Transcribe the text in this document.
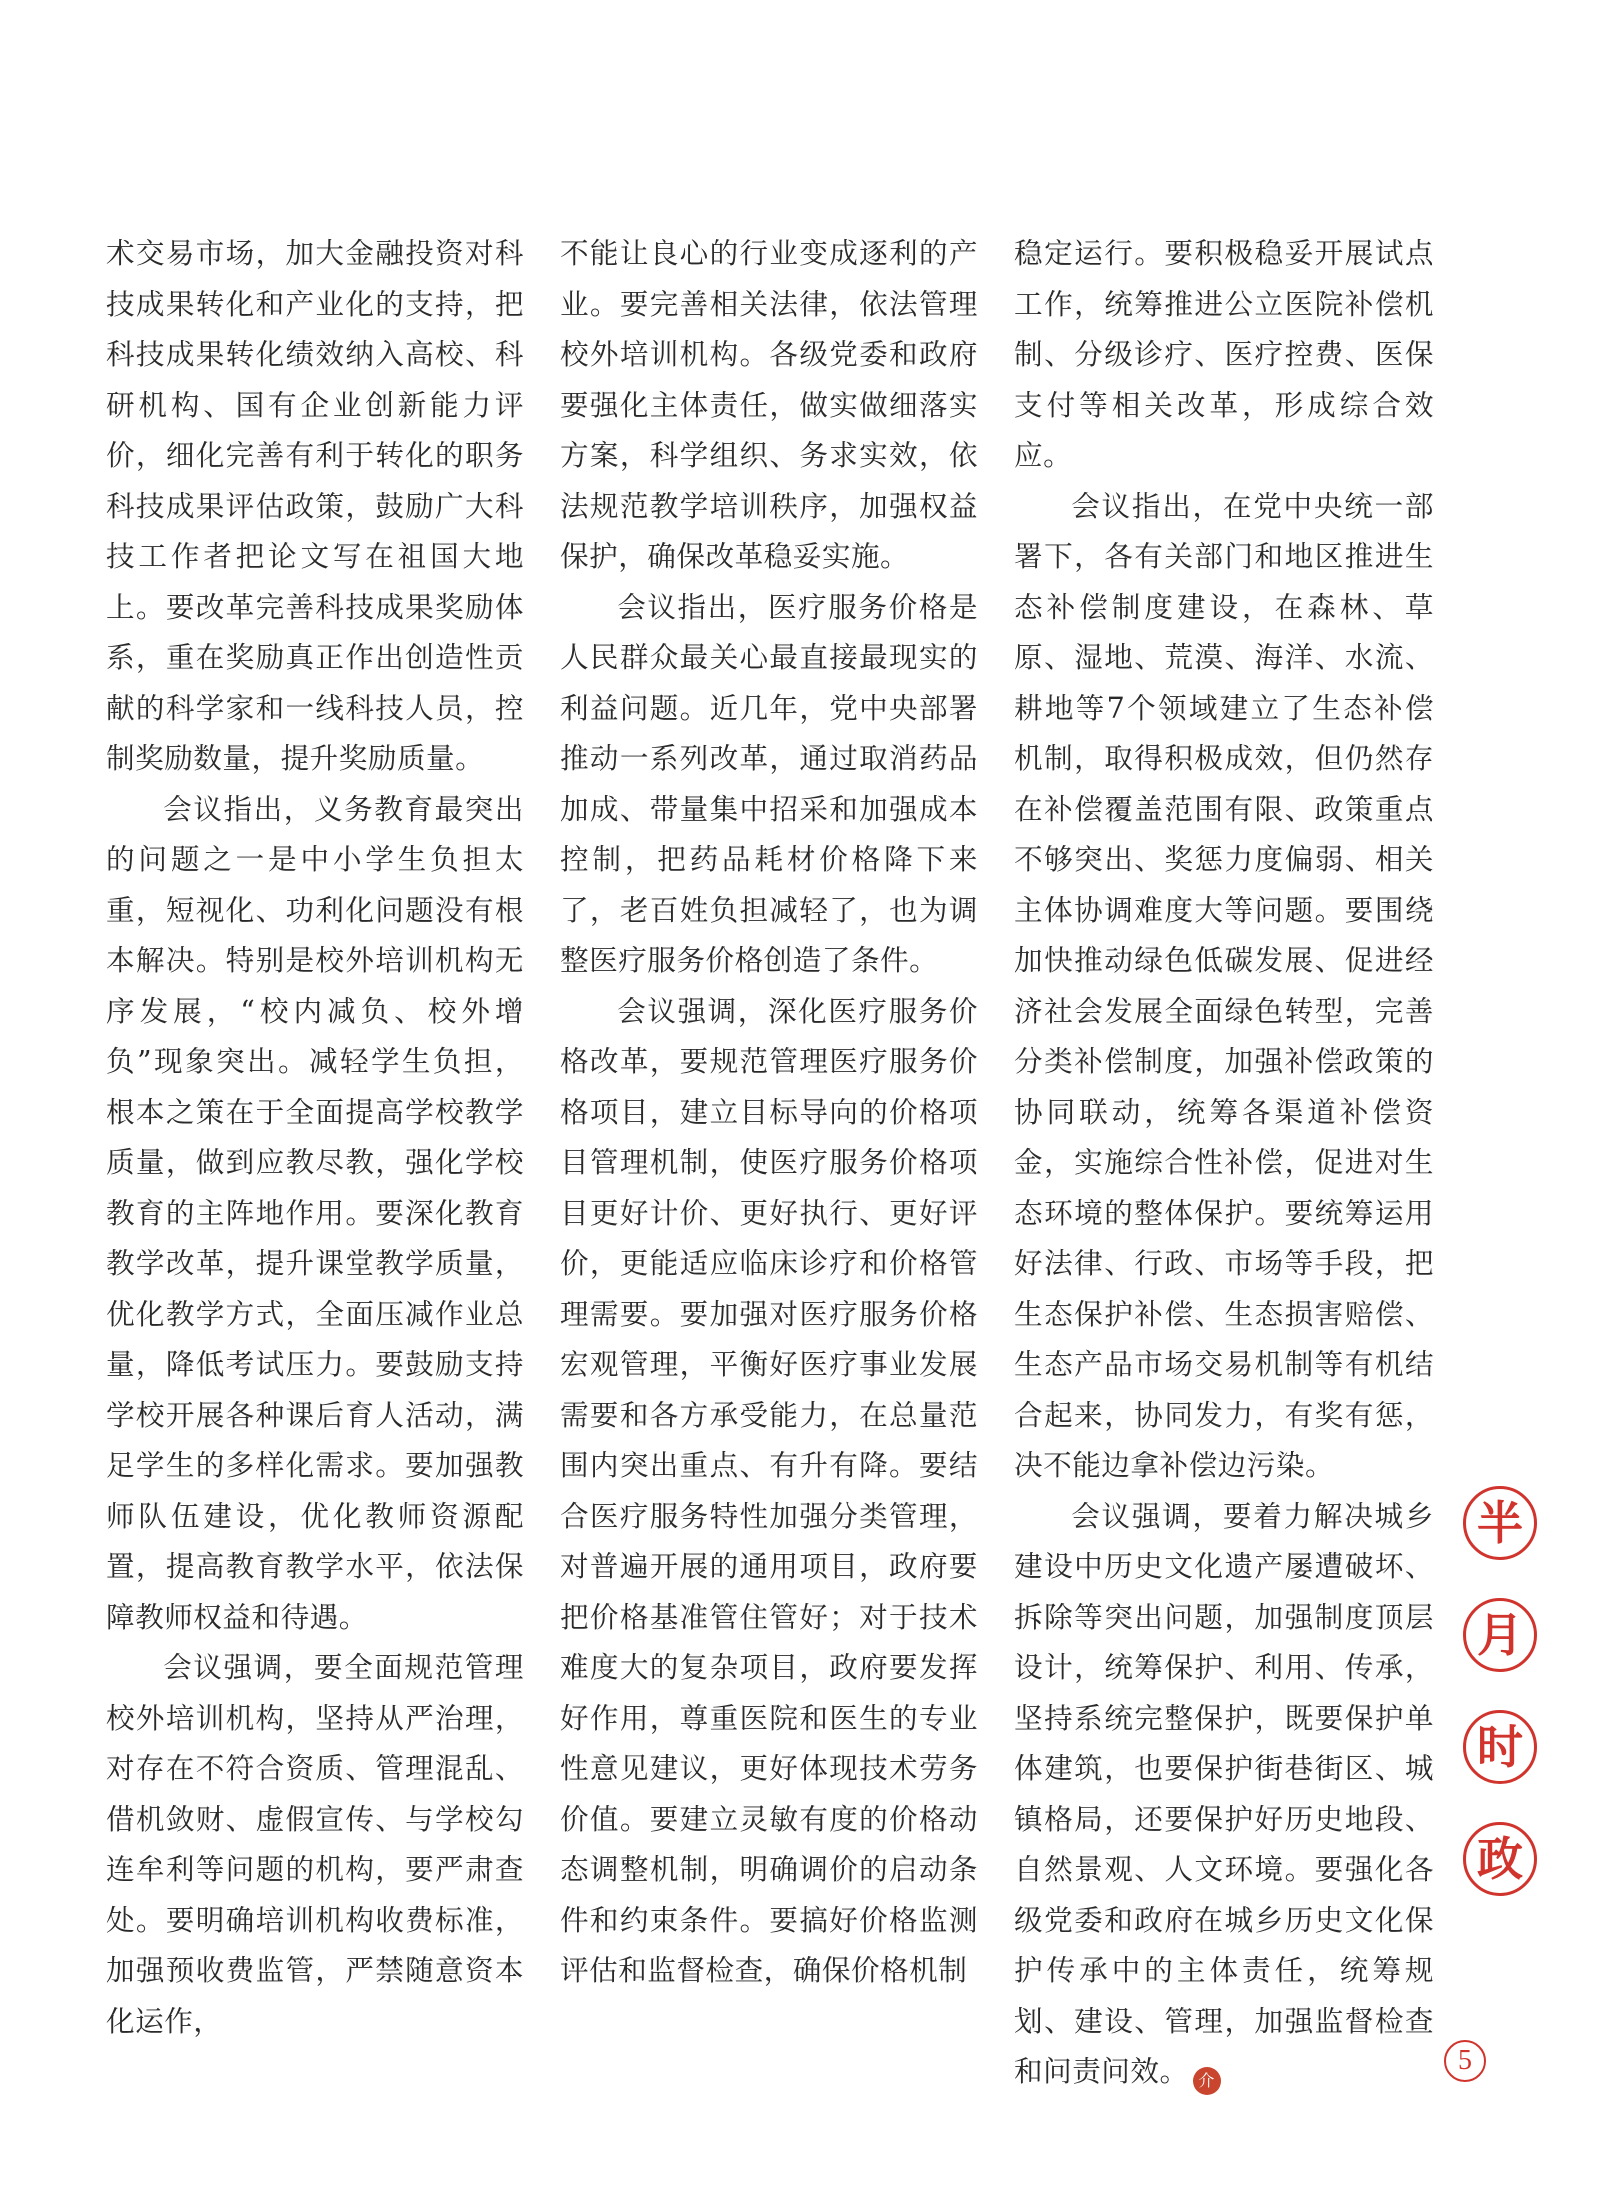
术交易市场，加大金融投资对科技成果转化和产业化的支持，把科技成果转化绩效纳入高校、科研机构、国有企业创新能力评价，细化完善有利于转化的职务科技成果评估政策，鼓励广大科技工作者把论文写在祖国大地上。要改革完善科技成果奖励体系，重在奖励真正作出创造性贡献的科学家和一线科技人员，控制奖励数量，提升奖励质量。

会议指出，义务教育最突出的问题之一是中小学生负担太重，短视化、功利化问题没有根本解决。特别是校外培训机构无序发展，“校内减负、校外增负”现象突出。减轻学生负担，根本之策在于全面提高学校教学质量，做到应教尽教，强化学校教育的主阵地作用。要深化教育教学改革，提升课堂教学质量，优化教学方式，全面压减作业总量，降低考试压力。要鼓励支持学校开展各种课后育人活动，满足学生的多样化需求。要加强教师队伍建设，优化教师资源配置，提高教育教学水平，依法保障教师权益和待遇。

会议强调，要全面规范管理校外培训机构，坚持从严治理，对存在不符合资质、管理混乱、借机敛财、虚假宣传、与学校勾连牟利等问题的机构，要严肃查处。要明确培训机构收费标准，加强预收费监管，严禁随意资本化运作，

不能让良心的行业变成逐利的产业。要完善相关法律，依法管理校外培训机构。各级党委和政府要强化主体责任，做实做细落实方案，科学组织、务求实效，依法规范教学培训秩序，加强权益保护，确保改革稳妥实施。

会议指出，医疗服务价格是人民群众最关心最直接最现实的利益问题。近几年，党中央部署推动一系列改革，通过取消药品加成、带量集中招采和加强成本控制，把药品耗材价格降下来了，老百姓负担减轻了，也为调整医疗服务价格创造了条件。

会议强调，深化医疗服务价格改革，要规范管理医疗服务价格项目，建立目标导向的价格项目管理机制，使医疗服务价格项目更好计价、更好执行、更好评价，更能适应临床诊疗和价格管理需要。要加强对医疗服务价格宏观管理，平衡好医疗事业发展需要和各方承受能力，在总量范围内突出重点、有升有降。要结合医疗服务特性加强分类管理，对普遍开展的通用项目，政府要把价格基准管住管好；对于技术难度大的复杂项目，政府要发挥好作用，尊重医院和医生的专业性意见建议，更好体现技术劳务价值。要建立灵敏有度的价格动态调整机制，明确调价的启动条件和约束条件。要搞好价格监测评估和监督检查，确保价格机制

稳定运行。要积极稳妥开展试点工作，统筹推进公立医院补偿机制、分级诊疗、医疗控费、医保支付等相关改革，形成综合效应。

会议指出，在党中央统一部署下，各有关部门和地区推进生态补偿制度建设，在森林、草原、湿地、荒漠、海洋、水流、耕地等7个领域建立了生态补偿机制，取得积极成效，但仍然存在补偿覆盖范围有限、政策重点不够突出、奖惩力度偏弱、相关主体协调难度大等问题。要围绕加快推动绿色低碳发展、促进经济社会发展全面绿色转型，完善分类补偿制度，加强补偿政策的协同联动，统筹各渠道补偿资金，实施综合性补偿，促进对生态环境的整体保护。要统筹运用好法律、行政、市场等手段，把生态保护补偿、生态损害赔偿、生态产品市场交易机制等有机结合起来，协同发力，有奖有惩，决不能边拿补偿边污染。

会议强调，要着力解决城乡建设中历史文化遗产屡遭破坏、拆除等突出问题，加强制度顶层设计，统筹保护、利用、传承，坚持系统完整保护，既要保护单体建筑，也要保护街巷街区、城镇格局，还要保护好历史地段、自然景观、人文环境。要强化各级党委和政府在城乡历史文化保护传承中的主体责任，统筹规划、建设、管理，加强监督检查和问责问效。 介

半
月
时
政
5
